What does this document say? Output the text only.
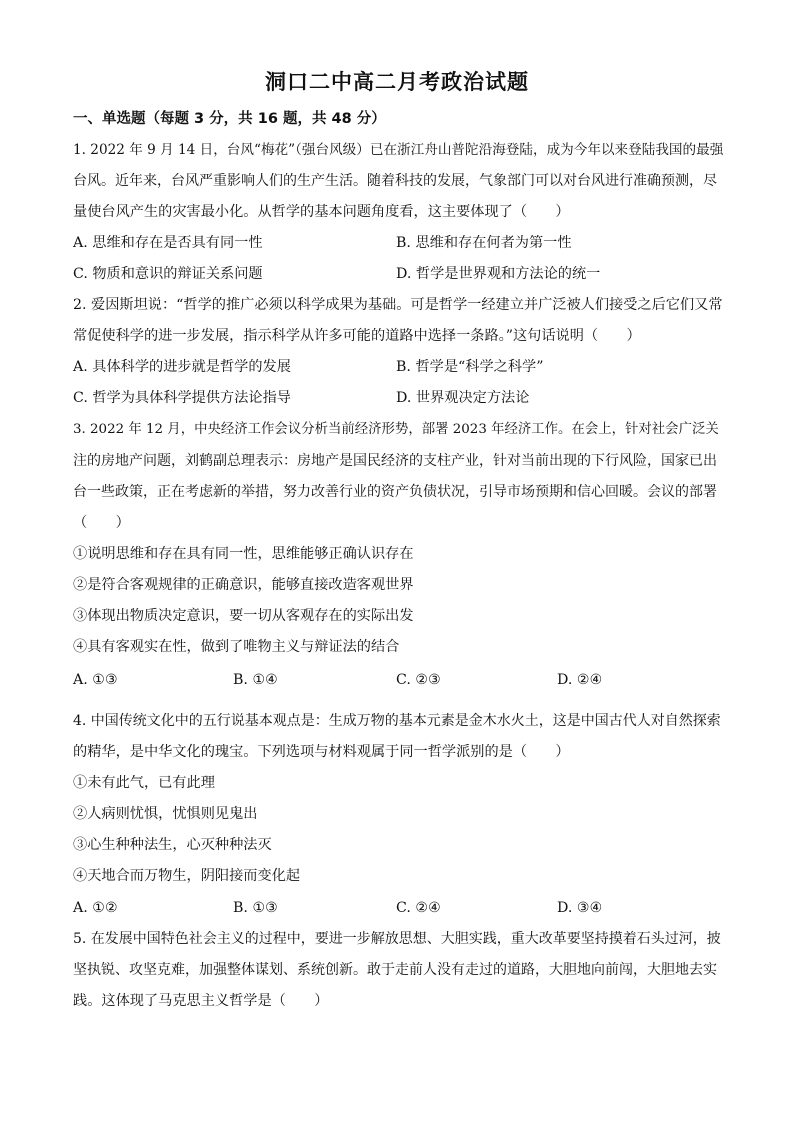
洞口二中高二月考政治试题
一、单选题（每题 3 分，共 16 题，共 48 分）
1. 2022 年 9 月 14 日，台风“梅花”（强台风级）已在浙江舟山普陀沿海登陆，成为今年以来登陆我国的最强
台风。近年来，台风严重影响人们的生产生活。随着科技的发展，气象部门可以对台风进行准确预测，尽
量使台风产生的灾害最小化。从哲学的基本问题角度看，这主要体现了（　　）
A. 思维和存在是否具有同一性	B. 思维和存在何者为第一性
C. 物质和意识的辩证关系问题	D. 哲学是世界观和方法论的统一
2. 爱因斯坦说：“哲学的推广必须以科学成果为基础。可是哲学一经建立并广泛被人们接受之后它们又常
常促使科学的进一步发展，指示科学从许多可能的道路中选择一条路。”这句话说明（　　）
A. 具体科学的进步就是哲学的发展	B. 哲学是“科学之科学”
C. 哲学为具体科学提供方法论指导	D. 世界观决定方法论
3. 2022 年 12 月，中央经济工作会议分析当前经济形势，部署 2023 年经济工作。在会上，针对社会广泛关
注的房地产问题，刘鹤副总理表示：房地产是国民经济的支柱产业，针对当前出现的下行风险，国家已出
台一些政策，正在考虑新的举措，努力改善行业的资产负债状况，引导市场预期和信心回暖。会议的部署
（　　）
①说明思维和存在具有同一性，思维能够正确认识存在
②是符合客观规律的正确意识，能够直接改造客观世界
③体现出物质决定意识，要一切从客观存在的实际出发
④具有客观实在性，做到了唯物主义与辩证法的结合
A. ①③	B. ①④	C. ②③	D. ②④
4. 中国传统文化中的五行说基本观点是：生成万物的基本元素是金木水火土，这是中国古代人对自然探索
的精华，是中华文化的瑰宝。下列选项与材料观属于同一哲学派别的是（　　）
①未有此气，已有此理
②人病则忧惧，忧惧则见鬼出
③心生种种法生，心灭种种法灭
④天地合而万物生，阴阳接而变化起
A. ①②	B. ①③	C. ②④	D. ③④
5. 在发展中国特色社会主义的过程中，要进一步解放思想、大胆实践，重大改革要坚持摸着石头过河，披
坚执锐、攻坚克难，加强整体谋划、系统创新。敢于走前人没有走过的道路，大胆地向前闯，大胆地去实
践。这体现了马克思主义哲学是（　　）
